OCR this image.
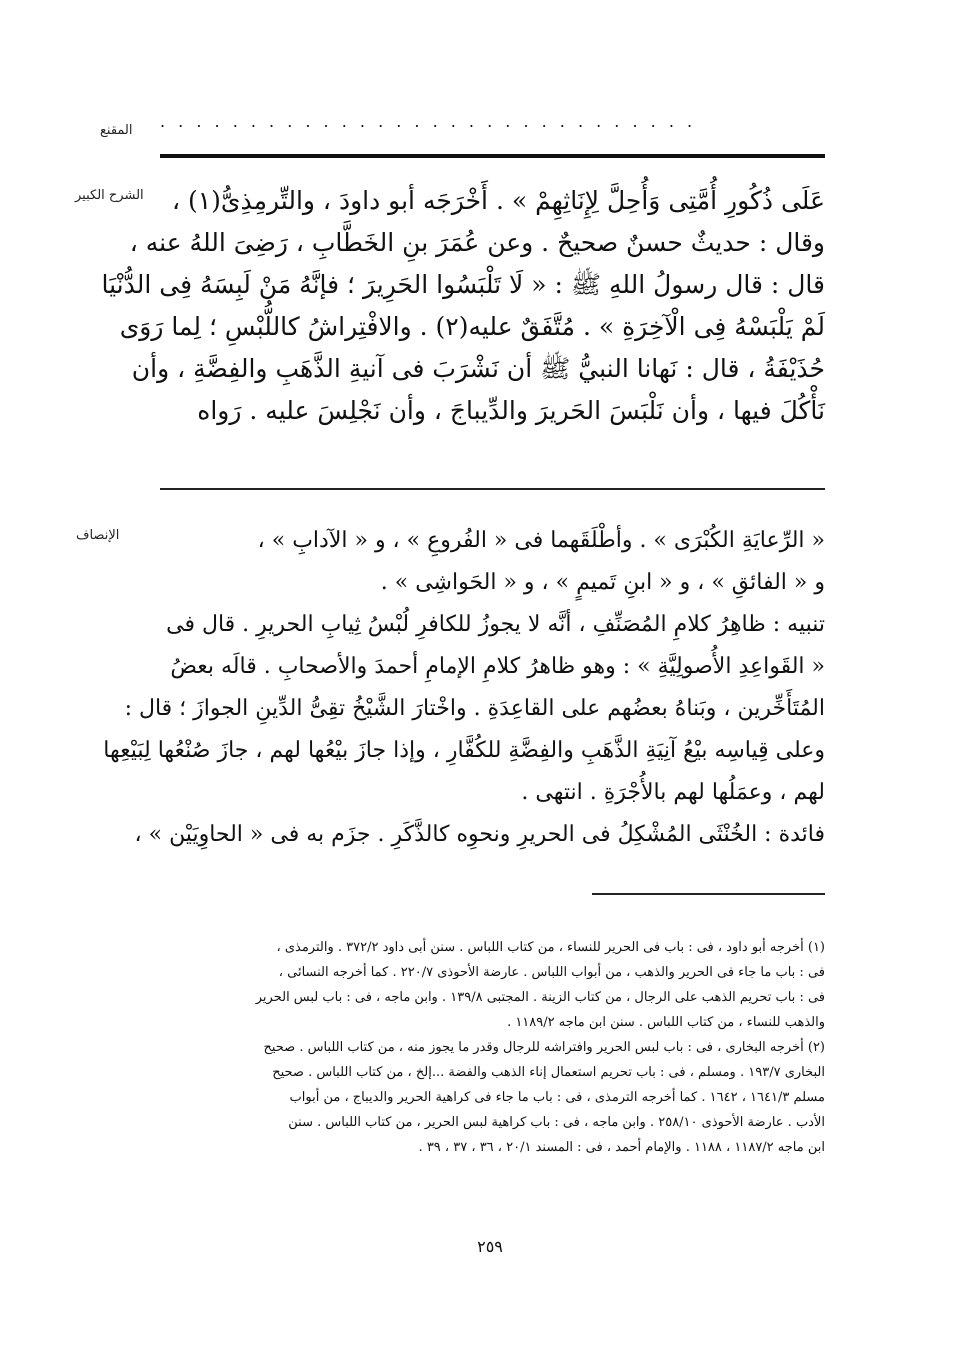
المقنع . . . . . . . . . . . . . . . . . . . . . . . . . . . . . .
الشرح الكبير
الإنصاف
عَلَى ذُكُورِ أُمَّتِى وَأُحِلَّ لِإِنَاثِهِمْ » . أَخْرَجَه أبو داودَ ، والتِّرمِذِىُّ(١) ،
وقال : حديثٌ حسنٌ صحيحٌ . وعن عُمَرَ بنِ الخَطَّابِ ، رَضِىَ اللهُ عنه ،
قال : قال رسولُ اللهِ ﷺ : « لَا تَلْبَسُوا الحَرِيرَ ؛ فإنَّهُ مَنْ لَبِسَهُ فِى الدُّنْيَا
لَمْ يَلْبَسْهُ فِى الْآخِرَةِ » . مُتَّفَقٌ عليه(٢) . والافْتِراشُ كاللُّبْسِ ؛ لِما رَوَى
حُذَيْفَةُ ، قال : نَهانا النبيُّ ﷺ أن نَشْرَبَ فى آنيةِ الذَّهَبِ والفِضَّةِ ، وأن
نَأْكُلَ فيها ، وأن نَلْبَسَ الحَريرَ والدِّيباجَ ، وأن نَجْلِسَ عليه . رَواه
« الرِّعايَةِ الكُبْرَى » . وأطْلَقَهما فى « الفُروعِ » ، و « الآدابِ » ،
و « الفائقِ » ، و « ابنِ تَميمٍ » ، و « الحَواشِى » .
تنبيه : ظاهِرُ كلامِ المُصَنِّفِ ، أنَّه لا يجوزُ للكافرِ لُبْسُ ثِيابِ الحريرِ . قال فى
« القَواعِدِ الأُصولِيَّةِ » : وهو ظاهرُ كلامِ الإمامِ أحمدَ والأصحابِ . قالَه بعضُ
المُتَأَخِّرين ، وبَناهُ بعضُهم على القاعِدَةِ . واخْتارَ الشَّيْخُ تقِىُّ الدِّينِ الجوازَ ؛ قال :
وعلى قِياسِه بيْعُ آنِيَةِ الذَّهَبِ والفِضَّةِ للكُفَّارِ ، وإذا جازَ بيْعُها لهم ، جازَ صُنْعُها لِبَيْعِها
لهم ، وعمَلُها لهم بالأُجْرَةِ . انتهى .
فائدة : الخُنْثَى المُشْكِلُ فى الحريرِ ونحوِه كالذَّكَرِ . جزَم به فى « الحاوِيَيْن » ،
(١) أخرجه أبو داود ، فى : باب فى الحرير للنساء ، من كتاب اللباس . سنن أبى داود ٣٧٢/٢ . والترمذى ،
فى : باب ما جاء فى الحرير والذهب ، من أبواب اللباس . عارضة الأحوذى ٢٢٠/٧ . كما أخرجه النسائى ،
فى : باب تحريم الذهب على الرجال ، من كتاب الزينة . المجتبى ١٣٩/٨ . وابن ماجه ، فى : باب لبس الحرير
والذهب للنساء ، من كتاب اللباس . سنن ابن ماجه ١١٨٩/٢ .
(٢) أخرجه البخارى ، فى : باب لبس الحرير وافتراشه للرجال وقدر ما يجوز منه ، من كتاب اللباس . صحيح
البخارى ١٩٣/٧ . ومسلم ، فى : باب تحريم استعمال إناء الذهب والفضة ...إلخ ، من كتاب اللباس . صحيح
مسلم ١٦٤١/٣ ، ١٦٤٢ . كما أخرجه الترمذى ، فى : باب ما جاء فى كراهية الحرير والديباج ، من أبواب
الأدب . عارضة الأحوذى ٢٥٨/١٠ . وابن ماجه ، فى : باب كراهية لبس الحرير ، من كتاب اللباس . سنن
ابن ماجه ١١٨٧/٢ ، ١١٨٨ . والإمام أحمد ، فى : المسند ٢٠/١ ، ٣٦ ، ٣٧ ، ٣٩ .
٢٥٩
